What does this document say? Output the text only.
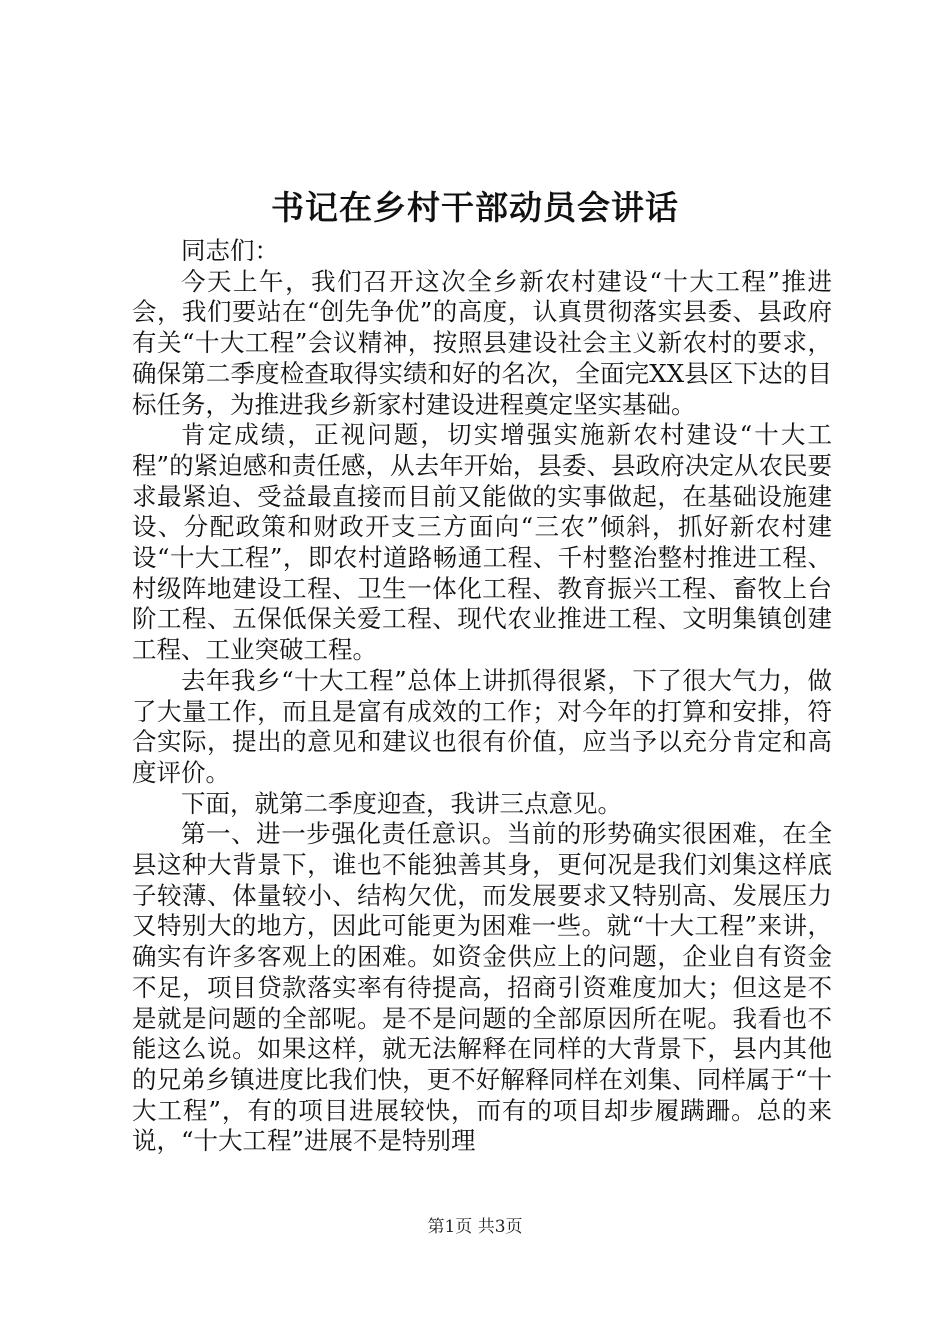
书记在乡村干部动员会讲话

同志们：

今天上午，我们召开这次全乡新农村建设“十大工程”推进会，我们要站在“创先争优”的高度，认真贯彻落实县委、县政府有关“十大工程”会议精神，按照县建设社会主义新农村的要求，确保第二季度检查取得实绩和好的名次，全面完XX县区下达的目标任务，为推进我乡新家村建设进程奠定坚实基础。

肯定成绩，正视问题，切实增强实施新农村建设“十大工程”的紧迫感和责任感，从去年开始，县委、县政府决定从农民要求最紧迫、受益最直接而目前又能做的实事做起，在基础设施建设、分配政策和财政开支三方面向“三农”倾斜，抓好新农村建设“十大工程”，即农村道路畅通工程、千村整治整村推进工程、村级阵地建设工程、卫生一体化工程、教育振兴工程、畜牧上台阶工程、五保低保关爱工程、现代农业推进工程、文明集镇创建工程、工业突破工程。

去年我乡“十大工程”总体上讲抓得很紧，下了很大气力，做了大量工作，而且是富有成效的工作；对今年的打算和安排，符合实际，提出的意见和建议也很有价值，应当予以充分肯定和高度评价。

下面，就第二季度迎查，我讲三点意见。

第一、进一步强化责任意识。当前的形势确实很困难，在全县这种大背景下，谁也不能独善其身，更何况是我们刘集这样底子较薄、体量较小、结构欠优，而发展要求又特别高、发展压力又特别大的地方，因此可能更为困难一些。就“十大工程”来讲，确实有许多客观上的困难。如资金供应上的问题，企业自有资金不足，项目贷款落实率有待提高，招商引资难度加大；但这是不是就是问题的全部呢。是不是问题的全部原因所在呢。我看也不能这么说。如果这样，就无法解释在同样的大背景下，县内其他的兄弟乡镇进度比我们快，更不好解释同样在刘集、同样属于“十大工程”，有的项目进展较快，而有的项目却步履蹒跚。总的来说，“十大工程”进展不是特别理

第1页 共3页
